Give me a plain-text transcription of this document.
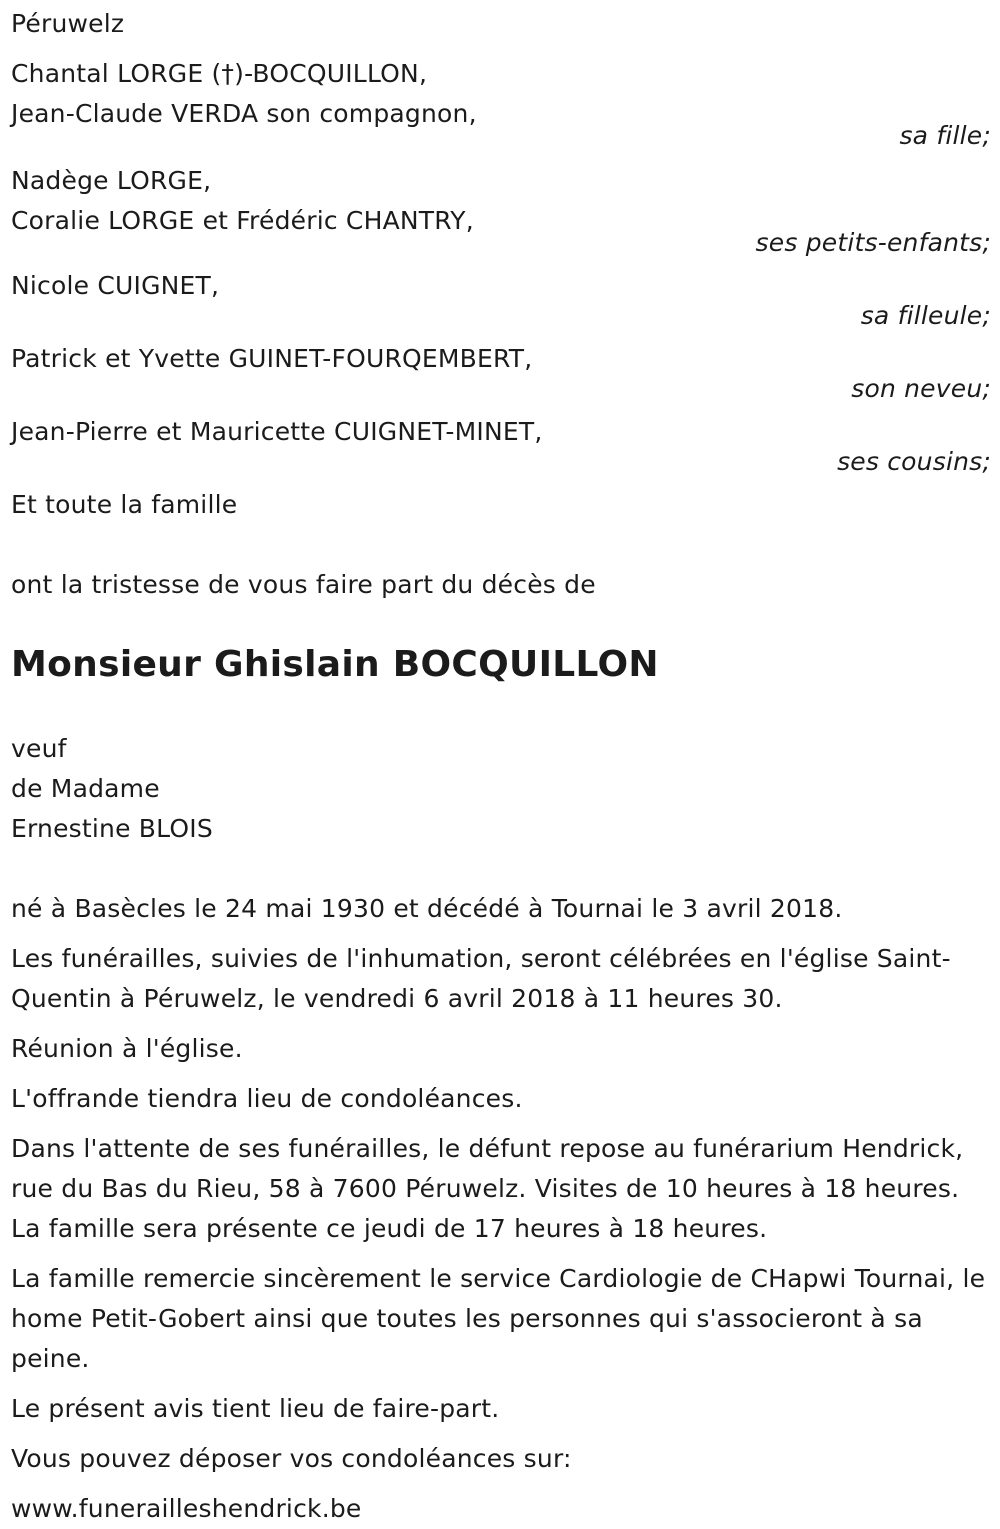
Péruwelz
Chantal LORGE (†)-BOCQUILLON,
Jean-Claude VERDA son compagnon,
sa fille;
Nadège LORGE,
Coralie LORGE et Frédéric CHANTRY,
ses petits-enfants;
Nicole CUIGNET,
sa filleule;
Patrick et Yvette GUINET-FOURQEMBERT,
son neveu;
Jean-Pierre et Mauricette CUIGNET-MINET,
ses cousins;
Et toute la famille
ont la tristesse de vous faire part du décès de
Monsieur Ghislain BOCQUILLON
veuf
de Madame
Ernestine BLOIS
né à Basècles le 24 mai 1930 et décédé à Tournai le 3 avril 2018.
Les funérailles, suivies de l'inhumation, seront célébrées en l'église Saint-Quentin à Péruwelz, le vendredi 6 avril 2018 à 11 heures 30.
Réunion à l'église.
L'offrande tiendra lieu de condoléances.
Dans l'attente de ses funérailles, le défunt repose au funérarium Hendrick, rue du Bas du Rieu, 58 à 7600 Péruwelz. Visites de 10 heures à 18 heures. La famille sera présente ce jeudi de 17 heures à 18 heures.
La famille remercie sincèrement le service Cardiologie de CHapwi Tournai, le home Petit-Gobert ainsi que toutes les personnes qui s'associeront à sa peine.
Le présent avis tient lieu de faire-part.
Vous pouvez déposer vos condoléances sur:
www.funerailleshendrick.be
